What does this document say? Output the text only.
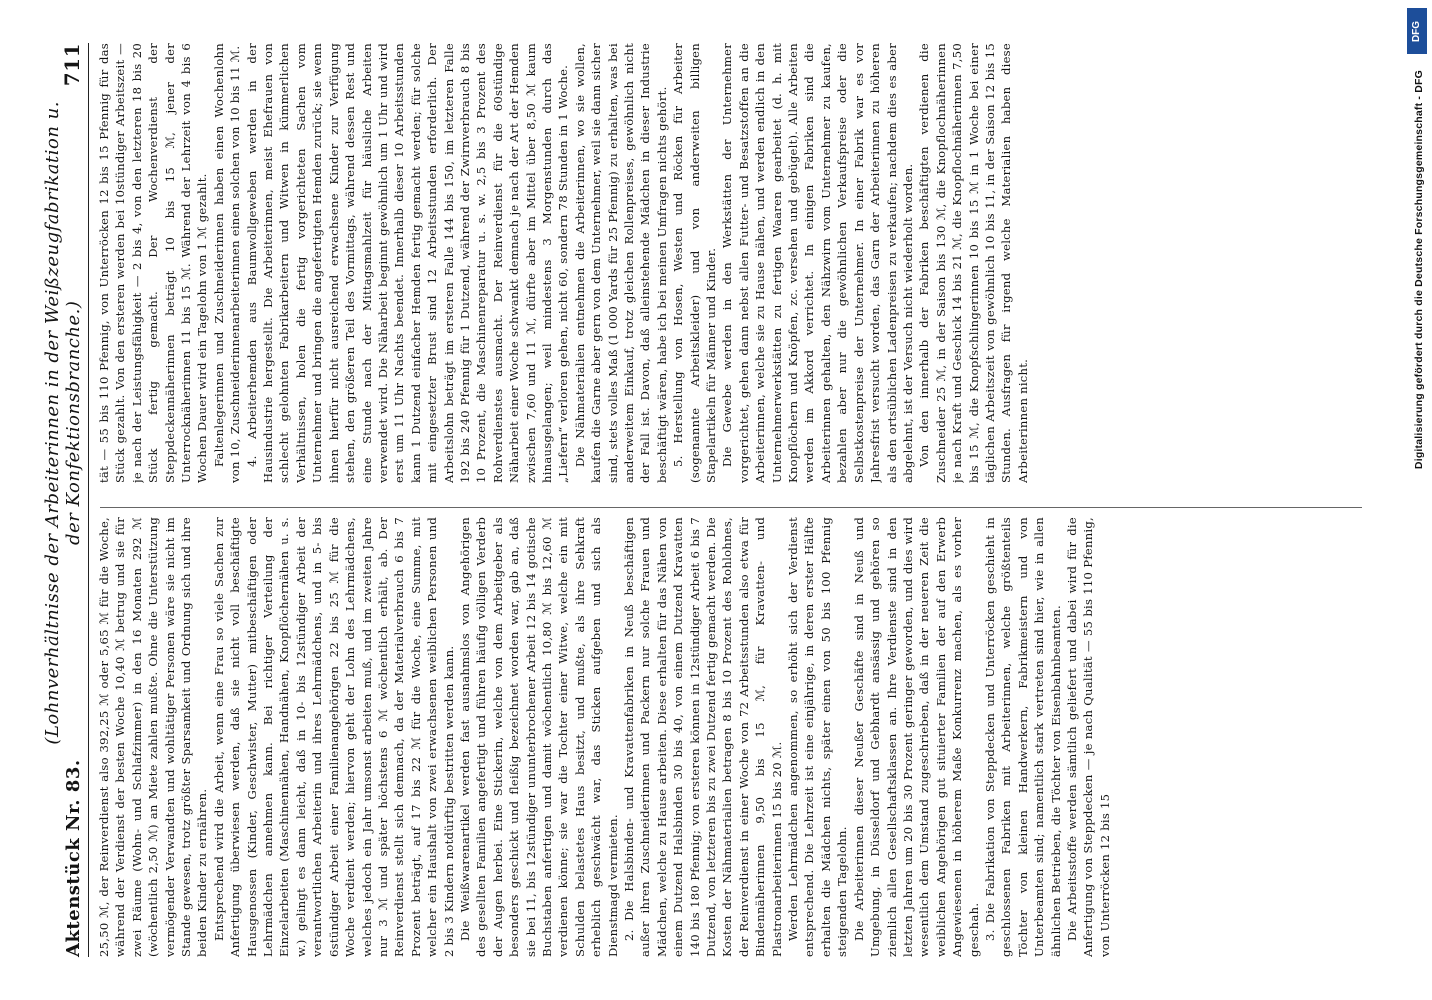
Aktenstück Nr. 83.
(Lohnverhältnisse der Arbeiterinnen in der Weißzeugfabrikation u. der Konfektionsbranche.)
711

25,50 ℳ, der Reinverdienst also 392,25 ℳ oder 5,65 ℳ für die Woche, während der Verdienst der besten Woche 10,40 ℳ betrug und sie für zwei Räume (Wohn- und Schlafzimmer) in den 16 Monaten 292 ℳ (wöchentlich 2,50 ℳ) an Miete zahlen mußte. Ohne die Unterstützung vermögender Verwandten und wohltätiger Personen wäre sie nicht im Stande gewesen, trotz größter Sparsamkeit und Ordnung sich und ihre beiden Kinder zu ernähren. Entsprechend wird die Arbeit, wenn eine Frau so viele Sachen zur Anfertigung überwiesen werden, daß sie nicht voll beschäftigte Hausgenossen (Kinder, Geschwister, Mutter) mitbeschäftigen oder Lehrmädchen annehmen kann. Bei richtiger Verteilung der Einzelarbeiten (Maschinennähen, Handnähen, Knopflöchernähen u. s. w.) gelingt es dann leicht, daß in 10- bis 12stündiger Arbeit der verantwortlichen Arbeiterin und ihres Lehrmädchens, und in 5- bis 6stündiger Arbeit einer Familienangehörigen 22 bis 25 ℳ für die Woche verdient werden; hiervon geht der Lohn des Lehrmädchens, welches jedoch ein Jahr umsonst arbeiten muß, und im zweiten Jahre nur 3 ℳ und später höchstens 6 ℳ wöchentlich erhält, ab. Der Reinverdienst stellt sich demnach, da der Materialverbrauch 6 bis 7 Prozent beträgt, auf 17 bis 22 ℳ für die Woche, eine Summe, mit welcher ein Haushalt von zwei erwachsenen weiblichen Personen und 2 bis 3 Kindern notdürftig bestritten werden kann. Die Weißwarenartikel werden fast ausnahmslos von Angehörigen des gesellten Familien angefertigt und führen häufig völligen Verderb der Augen herbei. Eine Stickerin, welche von dem Arbeitgeber als besonders geschickt und fleißig bezeichnet worden war, gab an, daß sie bei 11, bis 12stündiger ununterbrochener Arbeit 12 bis 14 gotische Buchstaben anfertigen und damit wöchentlich 10,80 ℳ bis 12,60 ℳ verdienen könne; sie war die Tochter einer Witwe, welche ein mit Schulden belastetes Haus besitzt, und mußte, als ihre Sehkraft erheblich geschwächt war, das Sticken aufgeben und sich als Dienstmagd vermieten. 2. Die Halsbinden- und Kravattenfabriken in Neuß beschäftigen außer ihren Zuschneiderinnen und Packern nur solche Frauen und Mädchen, welche zu Hause arbeiten. Diese erhalten für das Nähen von einem Dutzend Halsbinden 30 bis 40, von einem Dutzend Kravatten 140 bis 180 Pfennig; von ersteren können in 12stündiger Arbeit 6 bis 7 Dutzend, von letzteren bis zu zwei Dutzend fertig gemacht werden. Die Kosten der Nähmaterialien betragen 8 bis 10 Prozent des Rohlohnes, der Reinverdienst in einer Woche von 72 Arbeitsstunden also etwa für Bindennäherinnen 9,50 bis 15 ℳ, für Kravatten- und Plastronarbeiterinnen 15 bis 20 ℳ. Werden Lehrmädchen angenommen, so erhöht sich der Verdienst entsprechend. Die Lehrzeit ist eine einjährige, in deren erster Hälfte erhalten die Mädchen nichts, später einen von 50 bis 100 Pfennig steigenden Tagelohn. Die Arbeiterinnen dieser Neußer Geschäfte sind in Neuß und Umgebung, in Düsseldorf und Gebhardt ansässig und gehören so ziemlich allen Gesellschaftsklassen an. Ihre Verdienste sind in den letzten Jahren um 20 bis 30 Prozent geringer geworden, und dies wird wesentlich dem Umstand zugeschrieben, daß in der neueren Zeit die weiblichen Angehörigen gut situierter Familien der auf den Erwerb Angewiesenen in höherem Maße Konkurrenz machen, als es vorher geschah. 3. Die Fabrikation von Steppdecken und Unterröcken geschieht in geschlossenen Fabriken mit Arbeiterinnen, welche größtenteils Töchter von kleinen Handwerkern, Fabrikmeistern und von Unterbeamten sind; namentlich stark vertreten sind hier, wie in allen ähnlichen Betrieben, die Töchter von Eisenbahnbeamten. Die Arbeitsstoffe werden sämtlich geliefert und dabei wird für die Anfertigung von Steppdecken — je nach Qualität — 55 bis 110 Pfennig, von Unterröcken 12 bis 15

tät — 55 bis 110 Pfennig, von Unterröcken 12 bis 15 Pfennig für das Stück gezahlt. Von den ersteren werden bei 10stündiger Arbeitszeit — je nach der Leistungsfähigkeit — 2 bis 4, von den letzteren 18 bis 20 Stück fertig gemacht. Der Wochenverdienst der Steppdeckennäherinnen beträgt 10 bis 15 ℳ, jener der Unterrocknäherinnen 11 bis 15 ℳ. Während der Lehrzeit von 4 bis 6 Wochen Dauer wird ein Tagelohn von 1 ℳ gezahlt. Faltenlegerinnen und Zuschneiderinnen haben einen Wochenlohn von 10, Zuschneiderinnenarbeiterinnen einen solchen von 10 bis 11 ℳ. 4. Arbeiterhemden aus Baumwollgeweben werden in der Hausindustrie hergestellt. Die Arbeiterinnen, meist Ehefrauen von schlecht gelohnten Fabrikarbeitern und Witwen in kümmerlichen Verhältnissen, holen die fertig vorgerichteten Sachen vom Unternehmer und bringen die angefertigten Hemden zurück; sie wenn ihnen hierfür nicht ausreichend erwachsene Kinder zur Verfügung stehen, den größeren Teil des Vormittags, während dessen Rest und eine Stunde nach der Mittagsmahlzeit für häusliche Arbeiten verwendet wird. Die Näharbeit beginnt gewöhnlich um 1 Uhr und wird erst um 11 Uhr Nachts beendet. Innerhalb dieser 10 Arbeitsstunden kann 1 Dutzend einfacher Hemden fertig gemacht werden; für solche mit eingesetzter Brust sind 12 Arbeitsstunden erforderlich. Der Arbeitslohn beträgt im ersteren Falle 144 bis 150, im letzteren Falle 192 bis 240 Pfennig für 1 Dutzend, während der Zwirnverbrauch 8 bis 10 Prozent, die Maschinenreparatur u. s. w. 2,5 bis 3 Prozent des Rohverdienstes ausmacht. Der Reinverdienst für die 60stündige Näharbeit einer Woche schwankt demnach je nach der Art der Hemden zwischen 7,60 und 11 ℳ, dürfte aber im Mittel über 8,50 ℳ kaum hinausgelangen; weil mindestens 3 Morgenstunden durch das „Liefern“ verloren gehen, nicht 60, sondern 78 Stunden in 1 Woche. Die Nähmaterialien entnehmen die Arbeiterinnen, wo sie wollen, kaufen die Garne aber gern von dem Unternehmer, weil sie dann sicher sind, stets volles Maß (1 000 Yards für 25 Pfennig) zu erhalten, was bei anderweitem Einkauf, trotz gleichen Rollenpreises, gewöhnlich nicht der Fall ist. Davon, daß alleinstehende Mädchen in dieser Industrie beschäftigt wären, habe ich bei meinen Umfragen nichts gehört. 5. Herstellung von Hosen, Westen und Röcken für Arbeiter (sogenannte Arbeitskleider) und von anderweiten billigen Stapelartikeln für Männer und Kinder. Die Gewebe werden in den Werkstätten der Unternehmer vorgerichtet, gehen dann nebst allen Futter- und Besatzstoffen an die Arbeiterinnen, welche sie zu Hause nähen, und werden endlich in den Unternehmerwerkstätten zu fertigen Waaren gearbeitet (d. h. mit Knopflöchern und Knöpfen, zc. versehen und gebügelt). Alle Arbeiten werden im Akkord verrichtet. In einigen Fabriken sind die Arbeiterinnen gehalten, den Nähzwirn vom Unternehmer zu kaufen, bezahlen aber nur die gewöhnlichen Verkaufspreise oder die Selbstkostenpreise der Unternehmer. In einer Fabrik war es vor Jahresfrist versucht worden, das Garn der Arbeiterinnen zu höheren als den ortsüblichen Ladenpreisen zu verkaufen; nachdem dies es aber abgelehnt, ist der Versuch nicht wiederholt worden. Von den innerhalb der Fabriken beschäftigten verdienen die Zuschneider 25 ℳ, in der Saison bis 130 ℳ, die Knopflochnäherinnen je nach Kraft und Geschick 14 bis 21 ℳ, die Knopflochnäherinnen 7,50 bis 15 ℳ, die Knopfschlingerinnen 10 bis 15 ℳ in 1 Woche bei einer täglichen Arbeitszeit von gewöhnlich 10 bis 11, in der Saison 12 bis 15 Stunden. Ausfragen für irgend welche Materialien haben diese Arbeiterinnen nicht.

DFG
Digitalisierung gefördert durch die Deutsche Forschungsgemeinschaft - DFG
